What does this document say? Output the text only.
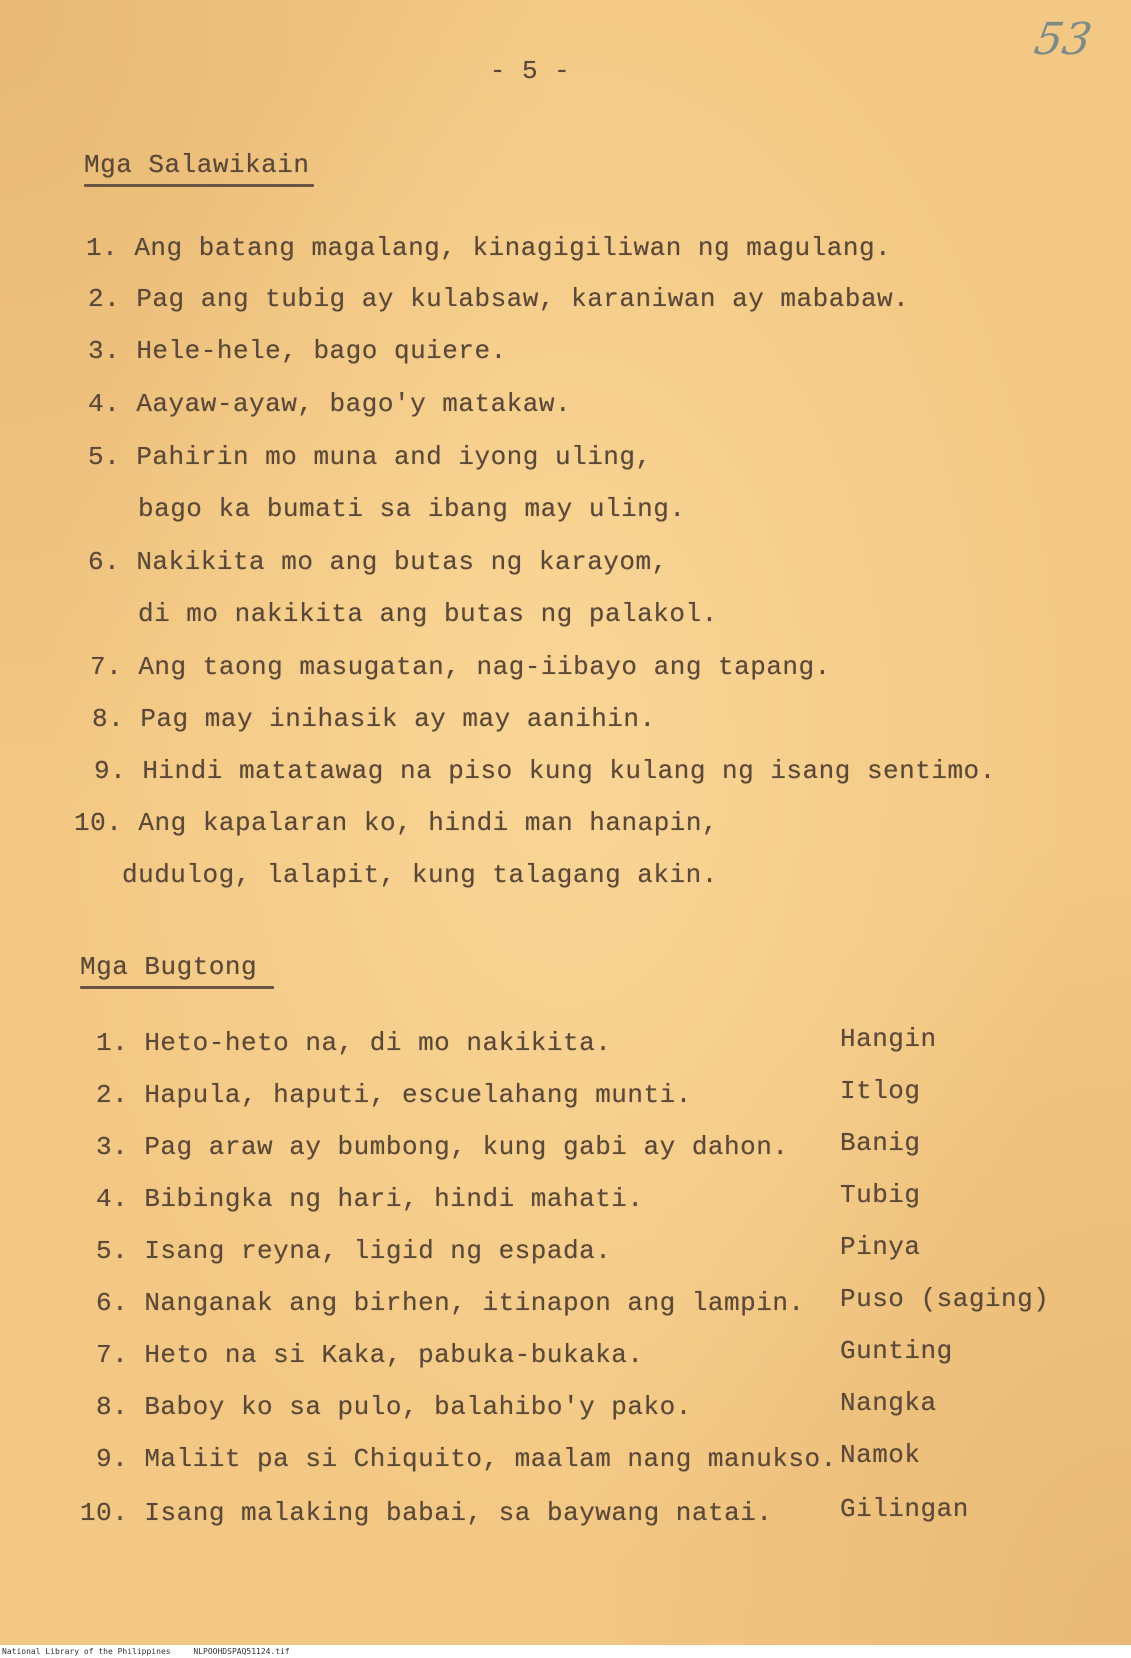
53
- 5 -
Mga Salawikain
1. Ang batang magalang, kinagigiliwan ng magulang.
2. Pag ang tubig ay kulabsaw, karaniwan ay mababaw.
3. Hele-hele, bago quiere.
4. Aayaw-ayaw, bago'y matakaw.
5. Pahirin mo muna and iyong uling,
bago ka bumati sa ibang may uling.
6. Nakikita mo ang butas ng karayom,
di mo nakikita ang butas ng palakol.
7. Ang taong masugatan, nag-iibayo ang tapang.
8. Pag may inihasik ay may aanihin.
9. Hindi matatawag na piso kung kulang ng isang sentimo.
10. Ang kapalaran ko, hindi man hanapin,
dudulog, lalapit, kung talagang akin.
Mga Bugtong
1. Heto-heto na, di mo nakikita.	Hangin
2. Hapula, haputi, escuelahang munti.	Itlog
3. Pag araw ay bumbong, kung gabi ay dahon. Banig
4. Bibingka ng hari, hindi mahati.	Tubig
5. Isang reyna, ligid ng espada.	Pinya
6. Nanganak ang birhen, itinapon ang lampin. Puso (saging)
7. Heto na si Kaka, pabuka-bukaka.	Gunting
8. Baboy ko sa pulo, balahibo'y pako.	Nangka
9. Maliit pa si Chiquito, maalam nang manukso. Namok
10. Isang malaking babai, sa baywang natai.	Gilingan
National Library of the Philippines	NLPOOHDSPAQ51124.tif
